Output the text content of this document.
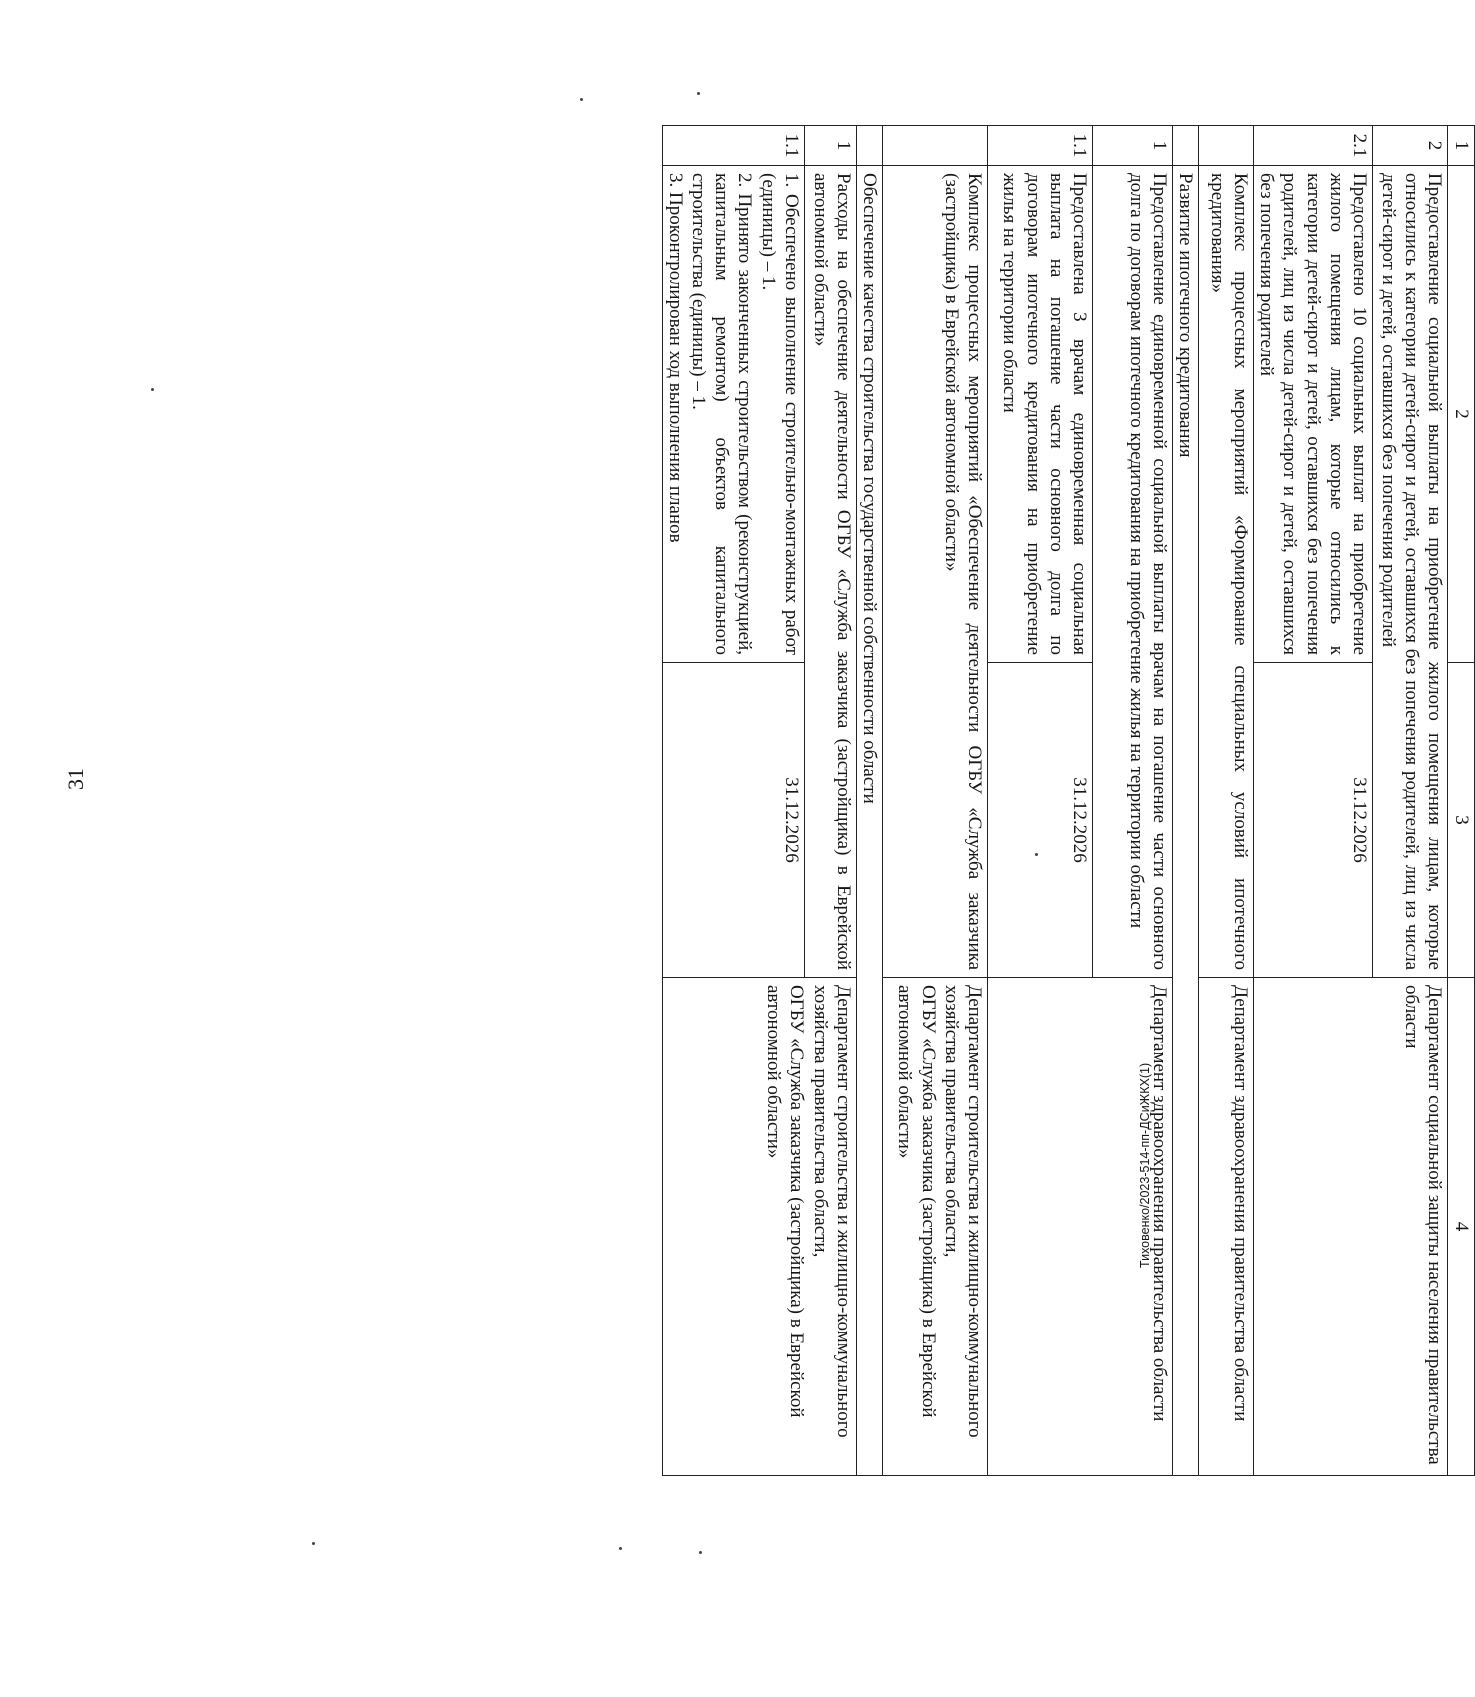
31
Тиховенко/2023-514-пп-ДСиЖКХ(1)
1	2	3	4
2	Предоставление социальной выплаты на приобретение жилого помещения лицам, которые относились к категории детей-сирот и детей, оставшихся без попечения родителей, лиц из числа детей-сирот и детей, оставшихся без попечения родителей		Департамент социальной защиты населения правительства области
2.1	Предоставлено 10 социальных выплат на приобретение жилого помещения лицам, которые относились к категории детей-сирот и детей, оставшихся без попечения родителей, лиц из числа детей-сирот и детей, оставшихся без попечения родителей	31.12.2026	
	Комплекс процессных мероприятий «Формирование специальных условий ипотечного кредитования»		Департамент здравоохранения правительства области
	Развитие ипотечного кредитования		
1	Предоставление единовременной социальной выплаты врачам на погашение части основного долга по договорам ипотечного кредитования на приобретение жилья на территории области		Департамент здравоохранения правительства области
1.1	Предоставлена 3 врачам единовременная социальная выплата на погашение части основного долга по договорам ипотечного кредитования на приобретение жилья на территории области	31.12.2026	
	Комплекс процессных мероприятий «Обеспечение деятельности ОГБУ «Служба заказчика (застройщика) в Еврейской автономной области»		Департамент строительства и жилищно-коммунального хозяйства правительства области,
ОГБУ «Служба заказчика (застройщика) в Еврейской автономной области»
	Обеспечение качества строительства государственной собственности области		
1	Расходы на обеспечение деятельности ОГБУ «Служба заказчика (застройщика) в Еврейской автономной области»		Департамент строительства и жилищно-коммунального хозяйства правительства области,
ОГБУ «Служба заказчика (застройщика) в Еврейской автономной области»
1.1	1. Обеспечено выполнение строительно-монтажных работ (единицы) – 1.
2. Принято законченных строительством (реконструкцией, капитальным ремонтом) объектов капитального строительства (единицы) – 1.
3. Проконтролирован ход выполнения планов	31.12.2026	
